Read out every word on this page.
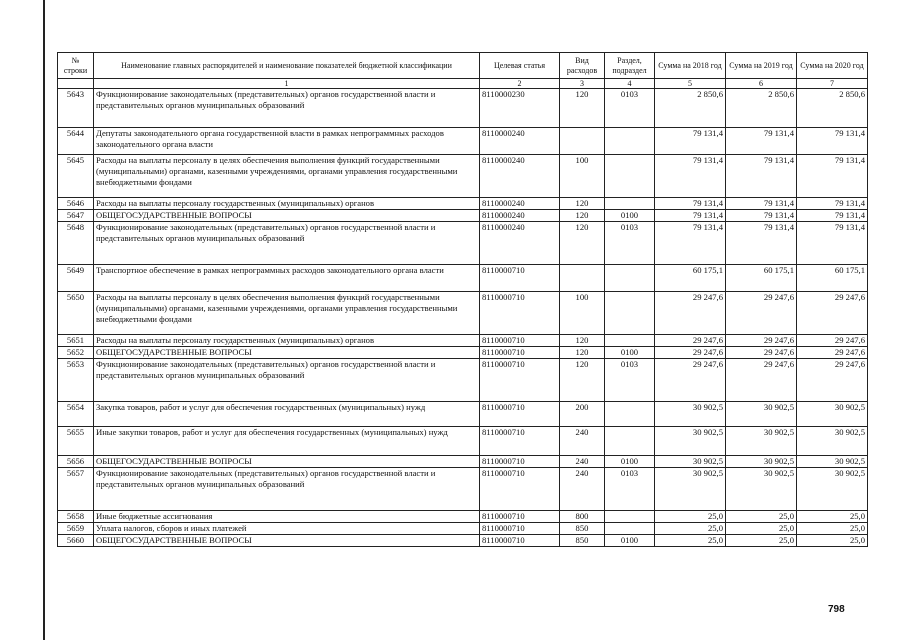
№ строки	Наименование главных распорядителей и наименование показателей бюджетной классификации	Целевая статья	Вид расходов	Раздел, подраздел	Сумма на 2018 год	Сумма на 2019 год	Сумма на 2020 год
	1	2	3	4	5	6	7
5643	Функционирование законодательных (представительных) органов государственной власти и представительных органов муниципальных образований	8110000230	120	0103	2 850,6	2 850,6	2 850,6
5644	Депутаты законодательного органа государственной власти в рамках непрограммных расходов законодательного органа власти	8110000240			79 131,4	79 131,4	79 131,4
5645	Расходы на выплаты персоналу в целях обеспечения выполнения функций государственными (муниципальными) органами, казенными учреждениями, органами управления государственными внебюджетными фондами	8110000240	100		79 131,4	79 131,4	79 131,4
5646	Расходы на выплаты персоналу государственных (муниципальных) органов	8110000240	120		79 131,4	79 131,4	79 131,4
5647	ОБЩЕГОСУДАРСТВЕННЫЕ ВОПРОСЫ	8110000240	120	0100	79 131,4	79 131,4	79 131,4
5648	Функционирование законодательных (представительных) органов государственной власти и представительных органов муниципальных образований	8110000240	120	0103	79 131,4	79 131,4	79 131,4
5649	Транспортное обеспечение в рамках непрограммных расходов законодательного органа власти	8110000710			60 175,1	60 175,1	60 175,1
5650	Расходы на выплаты персоналу в целях обеспечения выполнения функций государственными (муниципальными) органами, казенными учреждениями, органами управления государственными внебюджетными фондами	8110000710	100		29 247,6	29 247,6	29 247,6
5651	Расходы на выплаты персоналу государственных (муниципальных) органов	8110000710	120		29 247,6	29 247,6	29 247,6
5652	ОБЩЕГОСУДАРСТВЕННЫЕ ВОПРОСЫ	8110000710	120	0100	29 247,6	29 247,6	29 247,6
5653	Функционирование законодательных (представительных) органов государственной власти и представительных органов муниципальных образований	8110000710	120	0103	29 247,6	29 247,6	29 247,6
5654	Закупка товаров, работ и услуг для обеспечения государственных (муниципальных) нужд	8110000710	200		30 902,5	30 902,5	30 902,5
5655	Иные закупки товаров, работ и услуг для обеспечения государственных (муниципальных) нужд	8110000710	240		30 902,5	30 902,5	30 902,5
5656	ОБЩЕГОСУДАРСТВЕННЫЕ ВОПРОСЫ	8110000710	240	0100	30 902,5	30 902,5	30 902,5
5657	Функционирование законодательных (представительных) органов государственной власти и представительных органов муниципальных образований	8110000710	240	0103	30 902,5	30 902,5	30 902,5
5658	Иные бюджетные ассигнования	8110000710	800		25,0	25,0	25,0
5659	Уплата налогов, сборов и иных платежей	8110000710	850		25,0	25,0	25,0
5660	ОБЩЕГОСУДАРСТВЕННЫЕ ВОПРОСЫ	8110000710	850	0100	25,0	25,0	25,0
798
